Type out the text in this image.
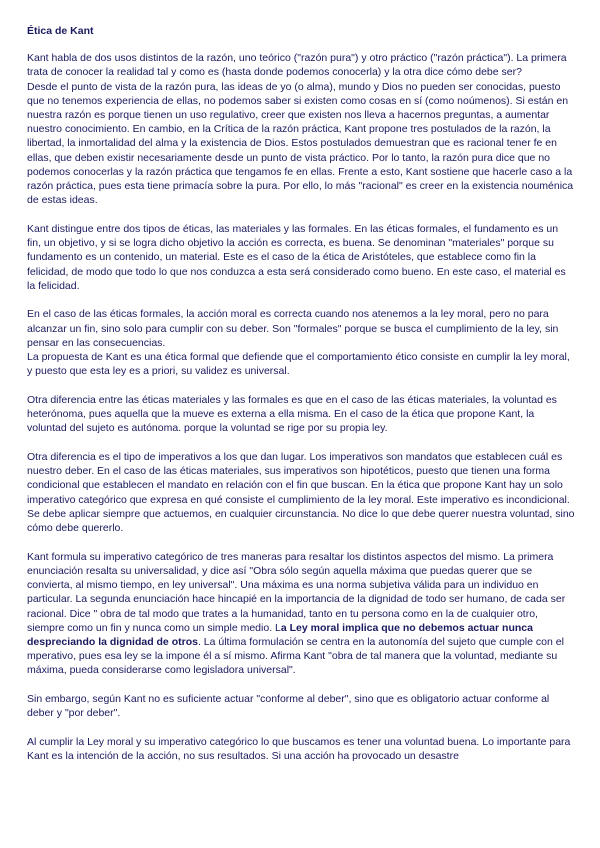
Ética de Kant

Kant habla de dos usos distintos de la razón, uno teórico ("razón pura") y otro práctico ("razón práctica"). La primera trata de conocer la realidad tal y como es (hasta donde podemos conocerla) y la otra dice cómo debe ser?

Desde el punto de vista de la razón pura, las ideas de yo (o alma), mundo y Dios no pueden ser conocidas, puesto que no tenemos experiencia de ellas, no podemos saber si existen como cosas en sí (como noúmenos). Si están en nuestra razón es porque tienen un uso regulativo, creer que existen nos lleva a hacernos preguntas, a aumentar nuestro conocimiento. En cambio, en la Crítica de la razón práctica, Kant propone tres postulados de la razón, la libertad, la inmortalidad del alma y la existencia de Dios. Estos postulados demuestran que es racional tener fe en ellas, que deben existir necesariamente desde un punto de vista práctico. Por lo tanto, la razón pura dice que no podemos conocerlas y la razón práctica que tengamos fe en ellas. Frente a esto, Kant sostiene que hacerle caso a la razón práctica, pues esta tiene primacía sobre la pura. Por ello, lo más "racional" es creer en la existencia nouménica de estas ideas.

Kant distingue entre dos tipos de éticas, las materiales y las formales. En las éticas formales, el fundamento es un fin, un objetivo, y si se logra dicho objetivo la acción es correcta, es buena. Se denominan "materiales" porque su fundamento es un contenido, un material. Este es el caso de la ética de Aristóteles, que establece como fin la felicidad, de modo que todo lo que nos conduzca a esta será considerado como bueno. En este caso, el material es la felicidad.

En el caso de las éticas formales, la acción moral es correcta cuando nos atenemos a la ley moral, pero no para alcanzar un fin, sino solo para cumplir con su deber. Son "formales" porque se busca el cumplimiento de la ley, sin pensar en las consecuencias.

La propuesta de Kant es una ética formal que defiende que el comportamiento ético consiste en cumplir la ley moral, y puesto que esta ley es a priori, su validez es universal.

Otra diferencia entre las éticas materiales y las formales es que en el caso de las éticas materiales, la voluntad es heterónoma, pues aquella que la mueve es externa a ella misma. En el caso de la ética que propone Kant, la voluntad del sujeto es autónoma. porque la voluntad se rige por su propia ley.

Otra diferencia es el tipo de imperativos a los que dan lugar. Los imperativos son mandatos que establecen cuál es nuestro deber. En el caso de las éticas materiales, sus imperativos son hipotéticos, puesto que tienen una forma condicional que establecen el mandato en relación con el fin que buscan. En la ética que propone Kant hay un solo imperativo categórico que expresa en qué consiste el cumplimiento de la ley moral. Este imperativo es incondicional. Se debe aplicar siempre que actuemos, en cualquier circunstancia. No dice lo que debe querer nuestra voluntad, sino cómo debe quererlo.

Kant formula su imperativo categórico de tres maneras para resaltar los distintos aspectos del mismo. La primera enunciación resalta su universalidad, y dice así "Obra sólo según aquella máxima que puedas querer que se convierta, al mismo tiempo, en ley universal". Una máxima es una norma subjetiva válida para un individuo en particular. La segunda enunciación hace hincapié en la importancia de la dignidad de todo ser humano, de cada ser racional. Dice " obra de tal modo que trates a la humanidad, tanto en tu persona como en la de cualquier otro, siempre como un fin y nunca como un simple medio. La Ley moral implica que no debemos actuar nunca
despreciando la dignidad de otros. La última formulación se centra en la autonomía del sujeto que cumple con el mperativo, pues esa ley se la impone él a sí mismo. Afirma Kant "obra de tal manera que la voluntad, mediante su máxima, pueda considerarse como legisladora universal".

Sin embargo, según Kant no es suficiente actuar "conforme al deber", sino que es obligatorio actuar conforme al deber y "por deber".

Al cumplir la Ley moral y su imperativo categórico lo que buscamos es tener una voluntad buena. Lo importante para Kant es la intención de la acción, no sus resultados. Si una acción ha provocado un desastre
